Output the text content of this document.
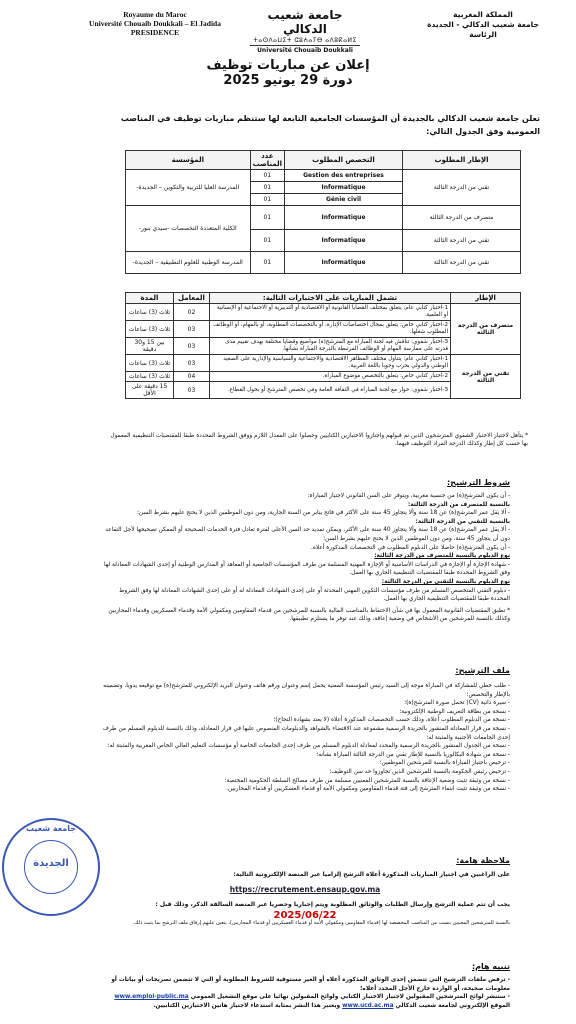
Royaume du Maroc
Université Chouaib Doukkali – El Jadida
PRESIDENCE
جامعة شعيب الدكالي
ⵜⴰⵙⴷⴰⵡⵉⵜ ⵛⵓⵄⴰⵢⴱ ⴰⴷⵓⴽⴰⵍⵉ
Université Chouaib Doukkali
المملكة المغربية
جامعة شعيب الدكالي - الجديدة
الرئاسة
إعلان عن مباريات توظيف
دورة 29 يونيو 2025
تعلن جامعة شعيب الدكالي بالجديدة أن المؤسسات الجامعية التابعة لها ستنظم مباريات توظيف في المناصب العمومية وفق الجدول التالي:
الإطار المطلوب	التخصص المطلوب	عدد المناصب	المؤسسة
تقني من الدرجة الثالثة	Gestion des entreprises	01	المدرسة العليا للتربية والتكوين – الجديدة-
	Informatique	01	
	Génie civil	01	
متصرف من الدرجة الثالثة	Informatique	01	الكلية المتعددة التخصصات -سيدي بنور-
تقني من الدرجة الثالثة	Informatique	01	
تقني من الدرجة الثالثة	Informatique	01	المدرسة الوطنية للعلوم التطبيقية – الجديدة-
الإطار	تشمل المباريات على الاختبارات التالية:	المعامل	المدة
متصرف من الدرجة الثالثة	1-اختبار كتابي عام: يتعلق بمختلف القضايا القانونية أو الاقتصادية أو التدبيرية أو الاجتماعية أو الإنسانية أو العلمية.	02	ثلاث (3) ساعات
	2-اختبار كتابي خاص: يتعلق بمجال اختصاصات الإدارة، أو بالتخصصات المطلوبة، أو بالمهام، أو الوظائف المطلوب شغلها.	03	ثلاث (3) ساعات
	3-اختبار شفوي: تناقش فيه لجنة المباراة مع المترشح(ة) مواضيع وقضايا مختلفة بهدف تقييم مدى قدرته على ممارسة المهام أو الوظائف المرتبطة بالدرجة المباراة بشأنها.	03	بين 15 و30 دقيقة
تقني من الدرجة الثالثة	1-اختبار كتابي عام: يتناول مختلف المظاهر الاقتصادية والاجتماعية والسياسية والإدارية على الصعيد الوطني والدولي بحرب وجوبا باللغة العربية.	03	ثلاث (3) ساعات
	2-اختبار كتابي خاص: يتعلق بالتخصص موضوع المباراة.	04	ثلاث (3) ساعات
	3-اختبار شفوي: حوار مع لجنة المباراة في الثقافة العامة وفي تخصص المترشح أو بحول القطاع.	03	15 دقيقة على الأقل
* يتأهل لاجتياز الاختبار الشفوي المترشحون الذين تم قبولهم واجتازوا الاختبارين الكتابيين وحصلوا على المعدل اللازم ووفق الشروط المحددة طبقا للمقتضيات التنظيمية المعمول بها حسب كل إطار وكذلك الدرجة المراد التوظيف فيهما.
شروط الترشيح:
- أن يكون المترشح(ة) من جنسية مغربية، ويتوفر على السن القانوني لاجتياز المباراة:
بالنسبة للمتصرف من الدرجة الثالثة:
- ألا يقل عمر المترشح(ة) عن 18 سنة وألا يتجاوز 45 سنة على الأكثر في فاتح يناير من السنة الجارية، ومن دون الموظفين الذين لا يحتج عليهم بشرط السن؛
بالنسبة للتقني من الدرجة الثالثة:
- ألا يقل عمر المترشح(ة) عن 18 سنة وألا يتجاوز 40 سنة على الأكثر، ويمكن تمديد حد السن الأعلى لفترة تعادل فترة الخدمات الصحيحة أو الممكن تصحيحها لأجل التقاعد دون أن يتجاوز 45 سنة، ومن دون الموظفين الذين لا يحتج عليهم بشرط السن؛
- أن يكون المترشح(ة) حاصلا على الدبلوم المطلوب في التخصصات المذكورة أعلاه.
نوع الدبلوم بالنسبة للمتصرف من الدرجة الثالثة:
- شهادة الإجازة أو الإجازة في الدراسات الأساسية أو الإجازة المهنية المسلمة من طرف المؤسسات الجامعية أو المعاهد أو المدارس الوطنية أو إحدى الشهادات المعادلة لها وفق الشروط المحددة طبقا للمقتضيات التنظيمية الجاري بها العمل.
نوع الدبلوم بالنسبة للتقني من الدرجة الثالثة:
- دبلوم التقني المتخصص المسلم من طرف مؤسسات التكوين المهني المحدثة أو على إحدى الشهادات المعادلة له أو على إحدى الشهادات المعادلة لها وفق الشروط المحددة طبقا للمقتضيات التنظيمية الجاري بها العمل.
* تطبق المقتضيات القانونية المعمول بها في شأن الاحتفاظ بالمناصب المالية بالنسبة للمرشحين من قدماء المقاومين ومكفولي الأمة وقدماء العسكريين وقدماء المحاربين وكذلك بالنسبة للمرشحين من الأشخاص في وضعية إعاقة، وذلك عند توفر ما يستلزم تطبيقها.
ملف الترشيح:
- طلب خطي للمشاركة في المباراة موجه إلى السيد رئيس المؤسسة المعنية يحمل إسم وعنوان ورقم هاتف وعنوان البريد الإلكتروني للمترشح(ة) مع توقيعه يدويا، وتضمينه بالإطار والتخصص؛
- سيرة ذاتية (CV) تحمل صورة المترشح(ة)؛
- نسخة من بطاقة التعريف الوطنية الإلكترونية؛
- نسخة من الدبلوم المطلوب أعلاه، وذلك حسب التخصصات المذكورة أعلاه (لا يعتد بشهادة النجاح)؛
- نسخة من قرار المعادلة المنشور بالجريدة الرسمية مشفوعة عند الاقتضاء بالشواهد والدبلومات المنصوص عليها في قرار المعادلة، وذلك بالنسبة للدبلوم المسلم من طرف إحدى الجامعات الأجنبية والمثبتة له؛
- نسخة من الجدول المنشور بالجريدة الرسمية والمحدد لمعادلة الدبلوم المسلم من طرف إحدى الجامعات الخاصة أو مؤسسات التعليم العالي الخاص المغربية والمثبتة له؛
- نسخة من شهادة البكالوريا بالنسبة للإطار تقني من الدرجة الثالثة المباراة بشأنه؛
- ترخيص باجتياز المباراة بالنسبة للمرشحين الموظفين؛
- ترخيص رئيس الحكومة بالنسبة للمرشحين الذين تجاوزوا حد سن التوظيف؛
- نسخة من وثيقة تثبت وضعية الإعاقة بالنسبة للمترشحين المعنيين مسلمة من طرف مصالح السلطة الحكومية المختصة؛
- نسخة من وثيقة تثبت انتماء المترشح إلى فئة قدماء المقاومين ومكفولي الأمة أو قدماء العسكريين أو قدماء المحاربين.
ملاحظة هامة:
على الراغبين في اجتياز المباريات المذكورة أعلاه الترشح إلزاميا عبر المنصة الإلكترونية التالية:
https://recrutement.ensaup.gov.ma
يجب أن تتم عملية الترشح وإرسال الطلبات والوثائق المطلوبة ويتم إجباريا وحصريا عبر المنصة السالفة الذكر، وذلك قبل :
2025/06/22
بالنسبة للمترشحين المعنيين بنسب من المناصب المخصصة لها (قدماء المقاومين ومكفولي الأمة أو قدماء العسكريين أو قدماء المحاربين)، يتعين عليهم إرفاق ملف الترشح بما يثبت ذلك.
تنبيه هام:
- ترفض ملفات الترشيح التي تتضمن إحدى الوثائق المذكورة أعلاه أو الغير مستوفية للشروط المطلوبة أو التي لا تتضمن تصريحات أو بيانات أو معلومات صحيحة، أو الواردة خارج الأجل المحدد أعلاه؛
- ستنشر لوائح المترشحين المقبولين لاجتياز الاختبار الكتابي ولوائح المقبولين نهائيا على موقع التشغيل العمومي www.emploi-public.ma
الموقع الإلكتروني لجامعة شعيب الدكالي www.ucd.ac.ma ويعتبر هذا النشر بمثابة استدعاء لاجتياز هاتين الاختبارين الكتابيين.
جامعة شعيب
الجديدة
